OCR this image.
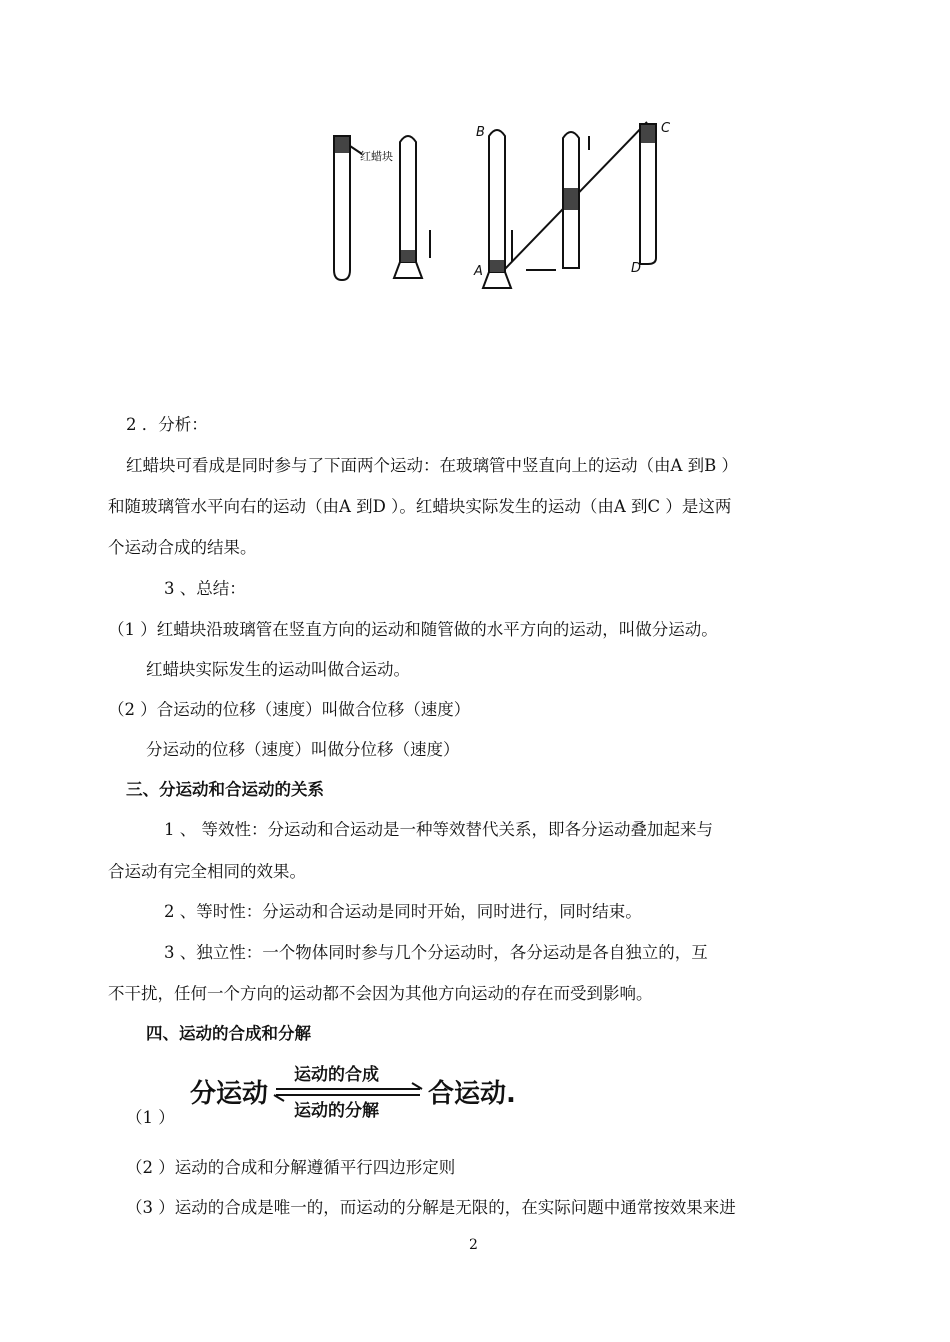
红蜡块
B
A
C
D
2 ．分析：
红蜡块可看成是同时参与了下面两个运动：在玻璃管中竖直向上的运动（由A 到B ）
和随玻璃管水平向右的运动（由A 到D ）。红蜡块实际发生的运动（由A 到C ）是这两
个运动合成的结果。
3 、总结：
（1 ）红蜡块沿玻璃管在竖直方向的运动和随管做的水平方向的运动，叫做分运动。
红蜡块实际发生的运动叫做合运动。
（2 ）合运动的位移（速度）叫做合位移（速度）
分运动的位移（速度）叫做分位移（速度）
三、分运动和合运动的关系
1 、 等效性：分运动和合运动是一种等效替代关系，即各分运动叠加起来与
合运动有完全相同的效果。
2 、等时性：分运动和合运动是同时开始，同时进行，同时结束。
3 、独立性：一个物体同时参与几个分运动时，各分运动是各自独立的，互
不干扰，任何一个方向的运动都不会因为其他方向运动的存在而受到影响。
四、运动的合成和分解
分运动
运动的合成
运动的分解
合运动.
（1 ）
（2 ）运动的合成和分解遵循平行四边形定则
（3 ）运动的合成是唯一的，而运动的分解是无限的，在实际问题中通常按效果来进
2
